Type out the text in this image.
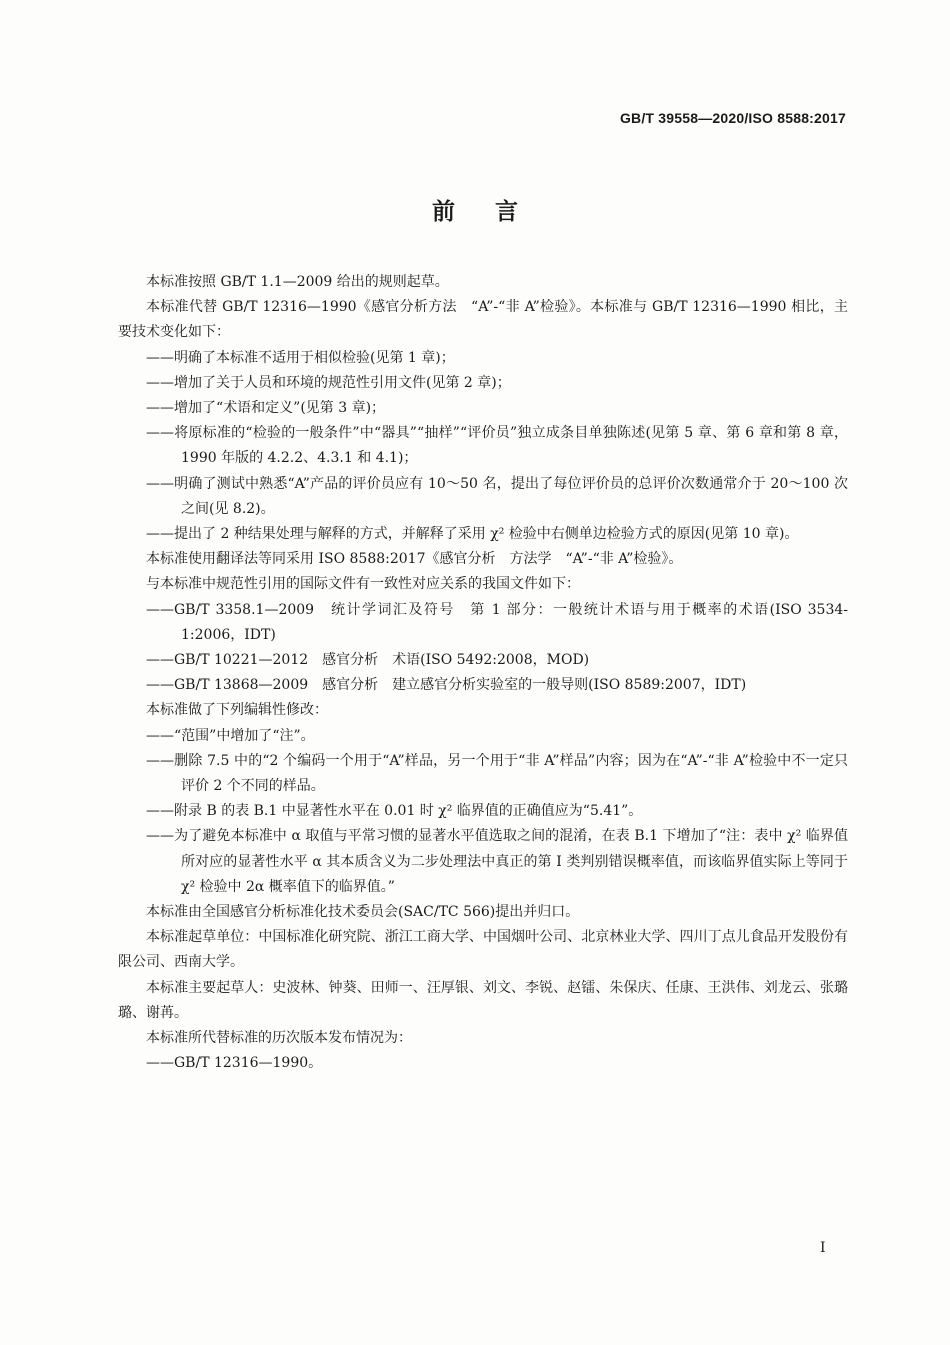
GB/T 39558—2020/ISO 8588:2017
前言

本标准按照 GB/T 1.1—2009 给出的规则起草。

本标准代替 GB/T 12316—1990《感官分析方法　“A”-“非 A”检验》。本标准与 GB/T 12316—1990 相比，主要技术变化如下：

——明确了本标准不适用于相似检验(见第 1 章)；

——增加了关于人员和环境的规范性引用文件(见第 2 章)；

——增加了“术语和定义”(见第 3 章)；

——将原标准的“检验的一般条件”中“器具”“抽样”“评价员”独立成条目单独陈述(见第 5 章、第 6 章和第 8 章，1990 年版的 4.2.2、4.3.1 和 4.1)；

——明确了测试中熟悉“A”产品的评价员应有 10～50 名，提出了每位评价员的总评价次数通常介于 20～100 次之间(见 8.2)。

——提出了 2 种结果处理与解释的方式，并解释了采用 χ² 检验中右侧单边检验方式的原因(见第 10 章)。

本标准使用翻译法等同采用 ISO 8588:2017《感官分析　方法学　“A”-“非 A”检验》。

与本标准中规范性引用的国际文件有一致性对应关系的我国文件如下：

——GB/T 3358.1—2009　统计学词汇及符号　第 1 部分：一般统计术语与用于概率的术语(ISO 3534-1:2006，IDT)

——GB/T 10221—2012　感官分析　术语(ISO 5492:2008，MOD)

——GB/T 13868—2009　感官分析　建立感官分析实验室的一般导则(ISO 8589:2007，IDT)

本标准做了下列编辑性修改：

——“范围”中增加了“注”。

——删除 7.5 中的“2 个编码一个用于“A”样品，另一个用于“非 A”样品”内容；因为在“A”-“非 A”检验中不一定只评价 2 个不同的样品。

——附录 B 的表 B.1 中显著性水平在 0.01 时 χ² 临界值的正确值应为“5.41”。

——为了避免本标准中 α 取值与平常习惯的显著水平值选取之间的混淆，在表 B.1 下增加了“注：表中 χ² 临界值所对应的显著性水平 α 其本质含义为二步处理法中真正的第 I 类判别错误概率值，而该临界值实际上等同于 χ² 检验中 2α 概率值下的临界值。”

本标准由全国感官分析标准化技术委员会(SAC/TC 566)提出并归口。

本标准起草单位：中国标准化研究院、浙江工商大学、中国烟叶公司、北京林业大学、四川丁点儿食品开发股份有限公司、西南大学。

本标准主要起草人：史波林、钟葵、田师一、汪厚银、刘文、李锐、赵镭、朱保庆、任康、王洪伟、刘龙云、张璐璐、谢苒。

本标准所代替标准的历次版本发布情况为：

——GB/T 12316—1990。

I
